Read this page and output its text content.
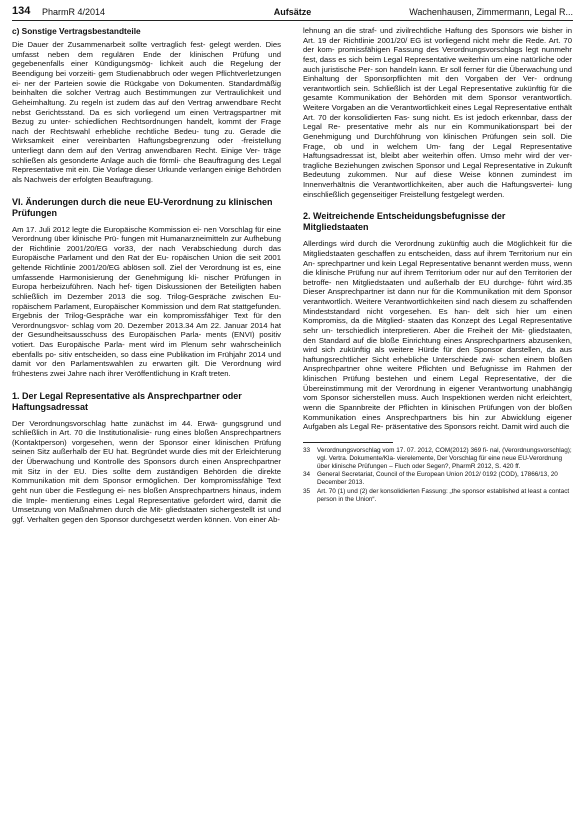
134 PharmR 4/2014	Aufsätze	Wachenhausen, Zimmermann, Legal R...
c) Sonstige Vertragsbestandteile

Die Dauer der Zusammenarbeit sollte vertraglich fest- gelegt werden. Dies umfasst neben dem regulären Ende der klinischen Prüfung und gegebenenfalls einer Kündigungsmög- lichkeit auch die Regelung der Beendigung bei vorzeiti- gem Studienabbruch oder wegen Pflichtverletzungen ei- ner der Parteien sowie die Rückgabe von Dokumenten. Standardmäßig beinhalten die solcher Vertrag auch Bestimmungen zur Vertraulichkeit und Geheimhaltung. Zu regeln ist zudem das auf den Vertrag anwendbare Recht nebst Gerichtsstand. Da es sich vorliegend um einen Vertragspartner mit Bezug zu unter- schiedlichen Rechtsordnungen handelt, kommt der Frage nach der Rechtswahl erhebliche rechtliche Bedeu- tung zu. Gerade die Wirksamkeit einer vereinbarten Haftungsbegrenzung oder -freistellung unterliegt dann dem auf den Vertrag anwendbaren Recht. Einige Ver- träge schließen als gesonderte Anlage auch die förmli- che Beauftragung des Legal Representative mit ein. Die Vorlage dieser Urkunde verlangen einige Behörden als Nachweis der erfolgten Beauftragung.

VI. Änderungen durch die neue EU-Verordnung zu klinischen Prüfungen

Am 17. Juli 2012 legte die Europäische Kommission ei- nen Vorschlag für eine Verordnung über klinische Prü- fungen mit Humanarzneimitteln zur Aufhebung der Richtlinie 2001/20/EG vor33, der nach Verabschiedung durch das Europäische Parlament und den Rat der Eu- ropäischen Union die seit 2001 geltende Richtlinie 2001/20/EG ablösen soll. Ziel der Verordnung ist es, eine umfassende Harmonisierung der Genehmigung kli- nischer Prüfungen in Europa herbeizuführen. Nach hef- tigen Diskussionen der Beteiligten haben schließlich im Dezember 2013 die sog. Trilog-Gespräche zwischen Eu- ropäischem Parlament, Europäischer Kommission und dem Rat stattgefunden. Ergebnis der Trilog-Gespräche war ein kompromissfähiger Text für den Verordnungsvor- schlag vom 20. Dezember 2013.34 Am 22. Januar 2014 hat der Gesundheitsausschuss des Europäischen Parla- ments (ENVI) positiv votiert. Das Europäische Parla- ment wird im Plenum sehr wahrscheinlich ebenfalls po- sitiv entscheiden, so dass eine Publikation im Frühjahr 2014 und damit vor den Parlamentswahlen zu erwarten gilt. Die Verordnung wird frühestens zwei Jahre nach ihrer Veröffentlichung in Kraft treten.

1. Der Legal Representative als Ansprechpartner oder Haftungsadressat

Der Verordnungsvorschlag hatte zunächst im 44. Erwä- gungsgrund und schließlich in Art. 70 die Institutionalisie- rung eines bloßen Ansprechpartners (Kontaktperson) vorgesehen, wenn der Sponsor einer klinischen Prüfung seinen Sitz außerhalb der EU hat. Begründet wurde dies mit der Erleichterung der Überwachung und Kontrolle des Sponsors durch einen Ansprechpartner mit Sitz in der EU. Dies sollte dem zuständigen Behörden die direkte Kommunikation mit dem Sponsor ermöglichen. Der kompromissfähige Text geht nun über die Festlegung ei- nes bloßen Ansprechpartners hinaus, indem die Imple- mentierung eines Legal Representative gefordert wird, damit die Umsetzung von Maßnahmen durch die Mit- gliedstaaten sichergestellt ist und ggf. Verhalten gegen den Sponsor durchgesetzt werden können. Von einer Ab-

lehnung an die straf- und zivilrechtliche Haftung des Sponsors wie bisher in Art. 19 der Richtlinie 2001/20/ EG ist vorliegend nicht mehr die Rede. Art. 70 der kom- promissfähigen Fassung des Verordnungsvorschlags legt nunmehr fest, dass es sich beim Legal Representative weiterhin um eine natürliche oder auch juristische Per- son handeln kann. Er soll ferner für die Überwachung und Einhaltung der Sponsorpflichten mit den Vorgaben der Ver- ordnung verantwortlich sein. Schließlich ist der Legal Representative zukünftig für die gesamte Kommunikation der Behörden mit dem Sponsor verantwortlich. Weitere Vorgaben an die Verantwortlichkeit eines Legal Representative enthält Art. 70 der konsolidierten Fas- sung nicht. Es ist jedoch erkennbar, dass der Legal Re- presentative mehr als nur ein Kommunikationspart bei der Genehmigung und Durchführung von klinischen Prüfungen sein soll. Die Frage, ob und in welchem Um- fang der Legal Representative Haftungsadressat ist, bleibt aber weiterhin offen. Umso mehr wird der ver- tragliche Beziehungen zwischen Sponsor und Legal Representative in Zukunft Bedeutung zukommen. Nur auf diese Weise können zumindest im Innenverhältnis die Verantwortlichkeiten, aber auch die Haftungsvertei- lung einschließlich gegenseitiger Freistellung festgelegt werden.

2. Weitreichende Entscheidungsbefugnisse der Mitgliedstaaten

Allerdings wird durch die Verordnung zukünftig auch die Möglichkeit für die Mitgliedstaaten geschaffen zu entscheiden, dass auf ihrem Territorium nur ein An- sprechpartner und kein Legal Representative benannt werden muss, wenn die klinische Prüfung nur auf ihrem Territorium oder nur auf den Territorien der betroffe- nen Mitgliedstaaten und außerhalb der EU durchge- führt wird.35 Dieser Ansprechpartner ist dann nur für die Kommunikation mit dem Sponsor verantwortlich. Weitere Verantwortlichkeiten sind nach diesem zu schaffenden Mindeststandard nicht vorgesehen. Es han- delt sich hier um einen Kompromiss, da die Mitglied- staaten das Konzept des Legal Representative sehr un- terschiedlich interpretieren. Aber die Freiheit der Mit- gliedstaaten, den Standard auf die bloße Einrichtung eines Ansprechpartners abzusenken, wird sich zukünftig als weitere Hürde für den Sponsor darstellen, da aus haftungsrechtlicher Sicht erhebliche Unterschiede zwi- schen einem bloßen Ansprechpartner ohne weitere Pflichten und Befugnisse im Rahmen der klinischen Prüfung bestehen und einem Legal Representative, der die Übereinstimmung mit der Verordnung in eigener Verantwortung unabhängig vom Sponsor sicherstellen muss. Auch Inspektionen werden nicht erleichtert, wenn die Spannbreite der Pflichten in klinischen Prüfungen von der bloßen Kommunikation eines Ansprechpartners bis hin zur Abwicklung eigener Aufgaben als Legal Re- präsentative des Sponsors reicht. Damit wird auch die

33	Verordnungsvorschlag vom 17. 07. 2012, COM(2012) 369 fi- nal, (Verordnungsvorschlag); vgl. Vertra. Dokumente/Kla- vierelemente, Der Vorschlag für eine neue EU-Verordnung über klinische Prüfungen – Fluch oder Segen?, PharmR 2012, S. 420 ff.
34	General Secretariat, Council of the European Union 2012/ 0192 (COD), 17866/13, 20 December 2013.
35	Art. 70 (1) und (2) der konsolidierten Fassung: „the sponsor established at least a contact person in the Union“.
